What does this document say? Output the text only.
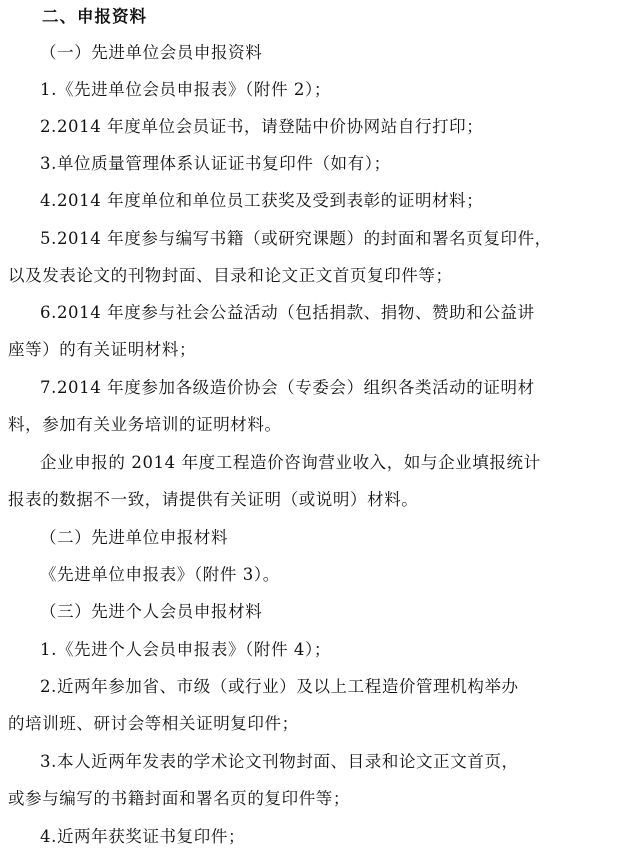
二、申报资料
（一）先进单位会员申报资料
1.《先进单位会员申报表》（附件 2）；
2.2014 年度单位会员证书，请登陆中价协网站自行打印；
3.单位质量管理体系认证证书复印件（如有）；
4.2014 年度单位和单位员工获奖及受到表彰的证明材料；
5.2014 年度参与编写书籍（或研究课题）的封面和署名页复印件，
以及发表论文的刊物封面、目录和论文正文首页复印件等；
6.2014 年度参与社会公益活动（包括捐款、捐物、赞助和公益讲
座等）的有关证明材料；
7.2014 年度参加各级造价协会（专委会）组织各类活动的证明材
料，参加有关业务培训的证明材料。
企业申报的 2014 年度工程造价咨询营业收入，如与企业填报统计
报表的数据不一致，请提供有关证明（或说明）材料。
（二）先进单位申报材料
《先进单位申报表》（附件 3）。
（三）先进个人会员申报材料
1.《先进个人会员申报表》（附件 4）；
2.近两年参加省、市级（或行业）及以上工程造价管理机构举办
的培训班、研讨会等相关证明复印件；
3.本人近两年发表的学术论文刊物封面、目录和论文正文首页，
或参与编写的书籍封面和署名页的复印件等；
4.近两年获奖证书复印件；
